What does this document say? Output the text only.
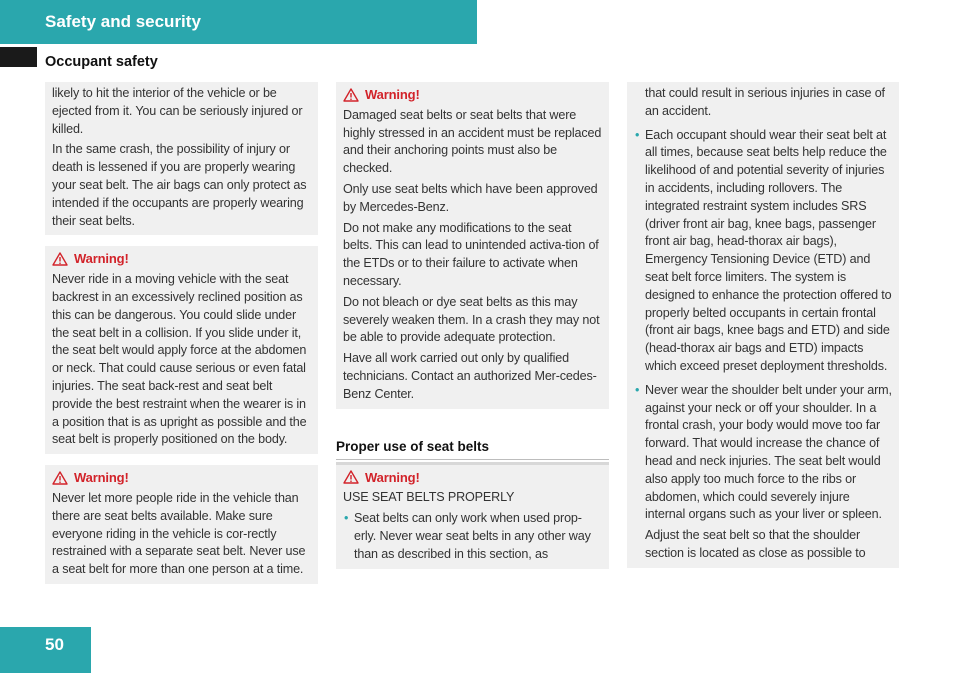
Safety and security
Occupant safety

likely to hit the interior of the vehicle or be ejected from it. You can be seriously injured or killed.

In the same crash, the possibility of injury or death is lessened if you are properly wearing your seat belt. The air bags can only protect as intended if the occupants are properly wearing their seat belts.

Warning!

Never ride in a moving vehicle with the seat backrest in an excessively reclined position as this can be dangerous. You could slide under the seat belt in a collision. If you slide under it, the seat belt would apply force at the abdomen or neck. That could cause serious or even fatal injuries. The seat back-rest and seat belt provide the best restraint when the wearer is in a position that is as upright as possible and the seat belt is properly positioned on the body.

Warning!

Never let more people ride in the vehicle than there are seat belts available. Make sure everyone riding in the vehicle is cor-rectly restrained with a separate seat belt. Never use a seat belt for more than one person at a time.

Warning!

Damaged seat belts or seat belts that were highly stressed in an accident must be replaced and their anchoring points must also be checked.

Only use seat belts which have been approved by Mercedes-Benz.

Do not make any modifications to the seat belts. This can lead to unintended activa-tion of the ETDs or to their failure to activate when necessary.

Do not bleach or dye seat belts as this may severely weaken them. In a crash they may not be able to provide adequate protection.

Have all work carried out only by qualified technicians. Contact an authorized Mer-cedes-Benz Center.

Proper use of seat belts
Warning!

USE SEAT BELTS PROPERLY

• Seat belts can only work when used prop-erly. Never wear seat belts in any other way than as described in this section, as

that could result in serious injuries in case of an accident.

• Each occupant should wear their seat belt at all times, because seat belts help reduce the likelihood of and potential severity of injuries in accidents, including rollovers. The integrated restraint system includes SRS (driver front air bag, knee bags, passenger front air bag, head-thorax air bags), Emergency Tensioning Device (ETD) and seat belt force limiters. The system is designed to enhance the protection offered to properly belted occupants in certain frontal (front air bags, knee bags and ETD) and side (head-thorax air bags and ETD) impacts which exceed preset deployment thresholds.

• Never wear the shoulder belt under your arm, against your neck or off your shoulder. In a frontal crash, your body would move too far forward. That would increase the chance of head and neck injuries. The seat belt would also apply too much force to the ribs or abdomen, which could severely injure internal organs such as your liver or spleen.

Adjust the seat belt so that the shoulder section is located as close as possible to

50
